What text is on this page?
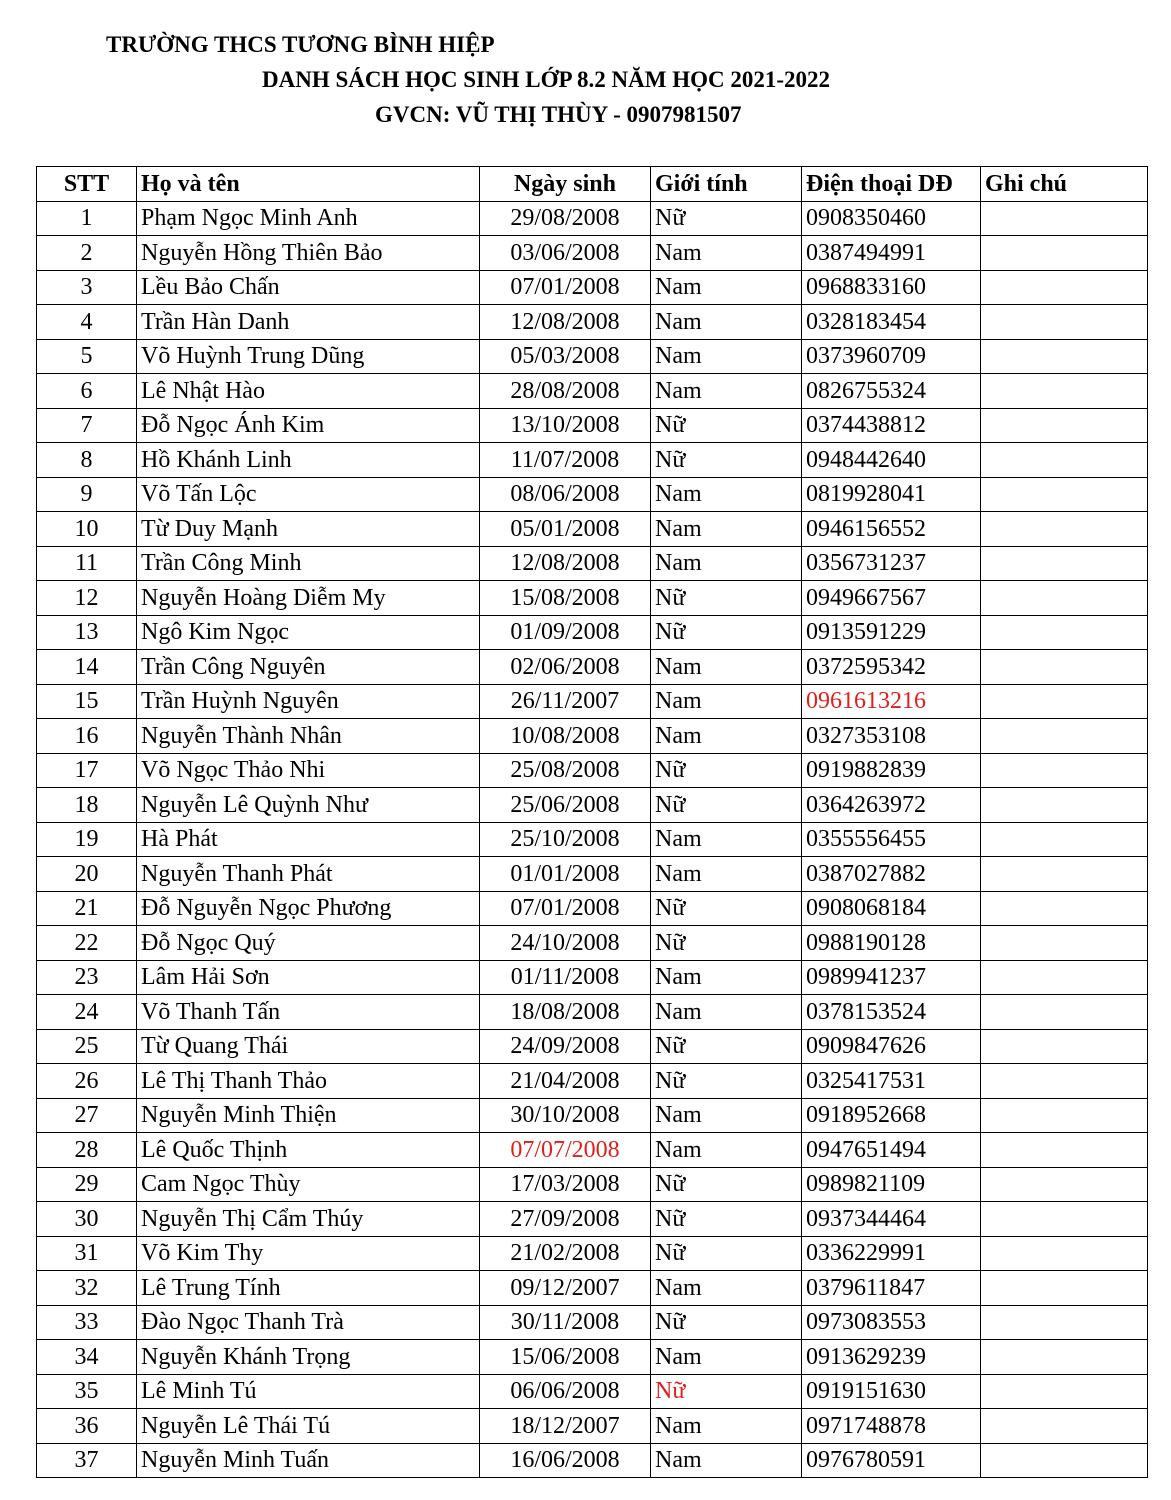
TRƯỜNG THCS TƯƠNG BÌNH HIỆP
DANH SÁCH HỌC SINH LỚP 8.2 NĂM HỌC 2021-2022
GVCN: VŨ THỊ THÙY - 0907981507
STT	Họ và tên	Ngày sinh	Giới tính	Điện thoại DĐ	Ghi chú
1	Phạm Ngọc Minh Anh	29/08/2008	Nữ	0908350460	
2	Nguyễn Hồng Thiên Bảo	03/06/2008	Nam	0387494991	
3	Lều Bảo Chấn	07/01/2008	Nam	0968833160	
4	Trần Hàn Danh	12/08/2008	Nam	0328183454	
5	Võ Huỳnh Trung Dũng	05/03/2008	Nam	0373960709	
6	Lê Nhật Hào	28/08/2008	Nam	0826755324	
7	Đỗ Ngọc Ánh Kim	13/10/2008	Nữ	0374438812	
8	Hồ Khánh Linh	11/07/2008	Nữ	0948442640	
9	Võ Tấn Lộc	08/06/2008	Nam	0819928041	
10	Từ Duy Mạnh	05/01/2008	Nam	0946156552	
11	Trần Công Minh	12/08/2008	Nam	0356731237	
12	Nguyễn Hoàng Diễm My	15/08/2008	Nữ	0949667567	
13	Ngô Kim Ngọc	01/09/2008	Nữ	0913591229	
14	Trần Công Nguyên	02/06/2008	Nam	0372595342	
15	Trần Huỳnh Nguyên	26/11/2007	Nam	0961613216	
16	Nguyễn Thành Nhân	10/08/2008	Nam	0327353108	
17	Võ Ngọc Thảo Nhi	25/08/2008	Nữ	0919882839	
18	Nguyễn Lê Quỳnh Như	25/06/2008	Nữ	0364263972	
19	Hà Phát	25/10/2008	Nam	0355556455	
20	Nguyễn Thanh Phát	01/01/2008	Nam	0387027882	
21	Đỗ Nguyễn Ngọc Phương	07/01/2008	Nữ	0908068184	
22	Đỗ Ngọc Quý	24/10/2008	Nữ	0988190128	
23	Lâm Hải Sơn	01/11/2008	Nam	0989941237	
24	Võ Thanh Tấn	18/08/2008	Nam	0378153524	
25	Từ Quang Thái	24/09/2008	Nữ	0909847626	
26	Lê Thị Thanh Thảo	21/04/2008	Nữ	0325417531	
27	Nguyễn Minh Thiện	30/10/2008	Nam	0918952668	
28	Lê Quốc Thịnh	07/07/2008	Nam	0947651494	
29	Cam Ngọc Thùy	17/03/2008	Nữ	0989821109	
30	Nguyễn Thị Cẩm Thúy	27/09/2008	Nữ	0937344464	
31	Võ Kim Thy	21/02/2008	Nữ	0336229991	
32	Lê Trung Tính	09/12/2007	Nam	0379611847	
33	Đào Ngọc Thanh Trà	30/11/2008	Nữ	0973083553	
34	Nguyễn Khánh Trọng	15/06/2008	Nam	0913629239	
35	Lê Minh Tú	06/06/2008	Nữ	0919151630	
36	Nguyễn Lê Thái Tú	18/12/2007	Nam	0971748878	
37	Nguyễn Minh Tuấn	16/06/2008	Nam	0976780591	
